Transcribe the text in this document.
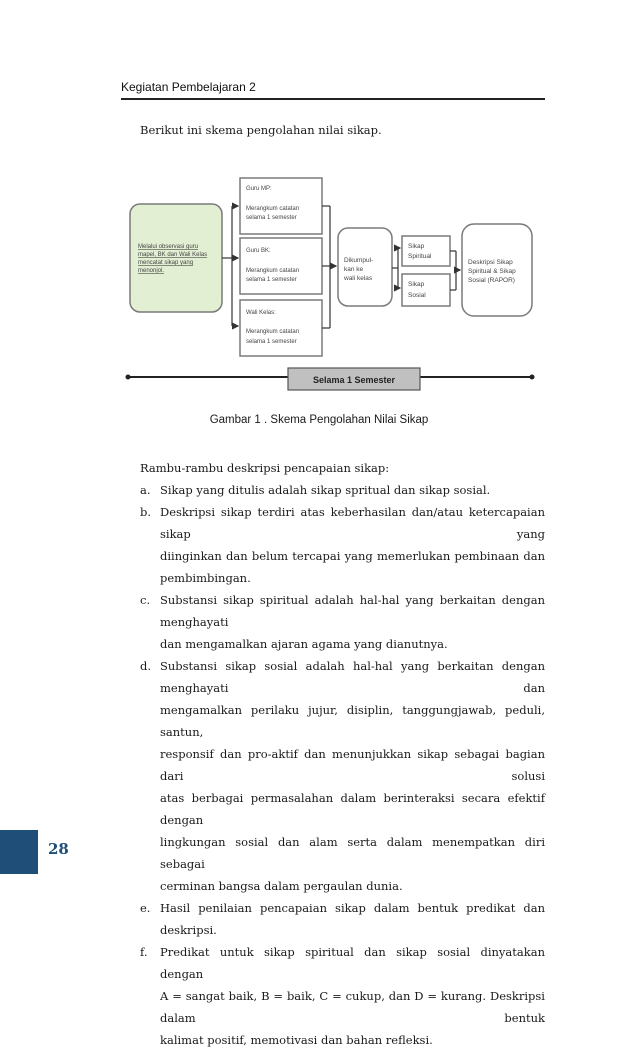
Kegiatan Pembelajaran 2
Berikut ini skema pengolahan nilai sikap.
Melalui observasi guru
mapel, BK dan Wali Kelas
mencatat sikap yang
menonjol.
Guru MP:
Merangkum catatan
selama 1 semester
Guru BK:
Merangkum catatan
selama 1 semester
Wali Kelas:
Merangkum catatan
selama 1 semester
Dikumpul-
kan ke
wali kelas
Sikap
Spiritual
Sikap
Sosial
Deskripsi Sikap
Spiritual & Sikap
Sosial (RAPOR)
Selama 1 Semester
Gambar 1 . Skema Pengolahan Nilai Sikap

Rambu-rambu deskripsi pencapaian sikap:

a. Sikap yang ditulis adalah sikap spritual dan sikap sosial.
b. Deskripsi sikap terdiri atas keberhasilan dan/atau ketercapaian sikap yang
diinginkan dan belum tercapai yang memerlukan pembinaan dan
pembimbingan.
c. Substansi sikap spiritual adalah hal-hal yang berkaitan dengan menghayati
dan mengamalkan ajaran agama yang dianutnya.
d. Substansi sikap sosial adalah hal-hal yang berkaitan dengan menghayati dan
mengamalkan perilaku jujur, disiplin, tanggungjawab, peduli, santun,
responsif dan pro-aktif dan menunjukkan sikap sebagai bagian dari solusi
atas berbagai permasalahan dalam berinteraksi secara efektif dengan
lingkungan sosial dan alam serta dalam menempatkan diri sebagai
cerminan bangsa dalam pergaulan dunia.
e. Hasil penilaian pencapaian sikap dalam bentuk predikat dan deskripsi.
f.	Predikat untuk sikap spiritual dan sikap sosial dinyatakan dengan
A = sangat baik, B = baik, C = cukup, dan D = kurang. Deskripsi dalam bentuk
kalimat positif, memotivasi dan bahan refleksi.
28
